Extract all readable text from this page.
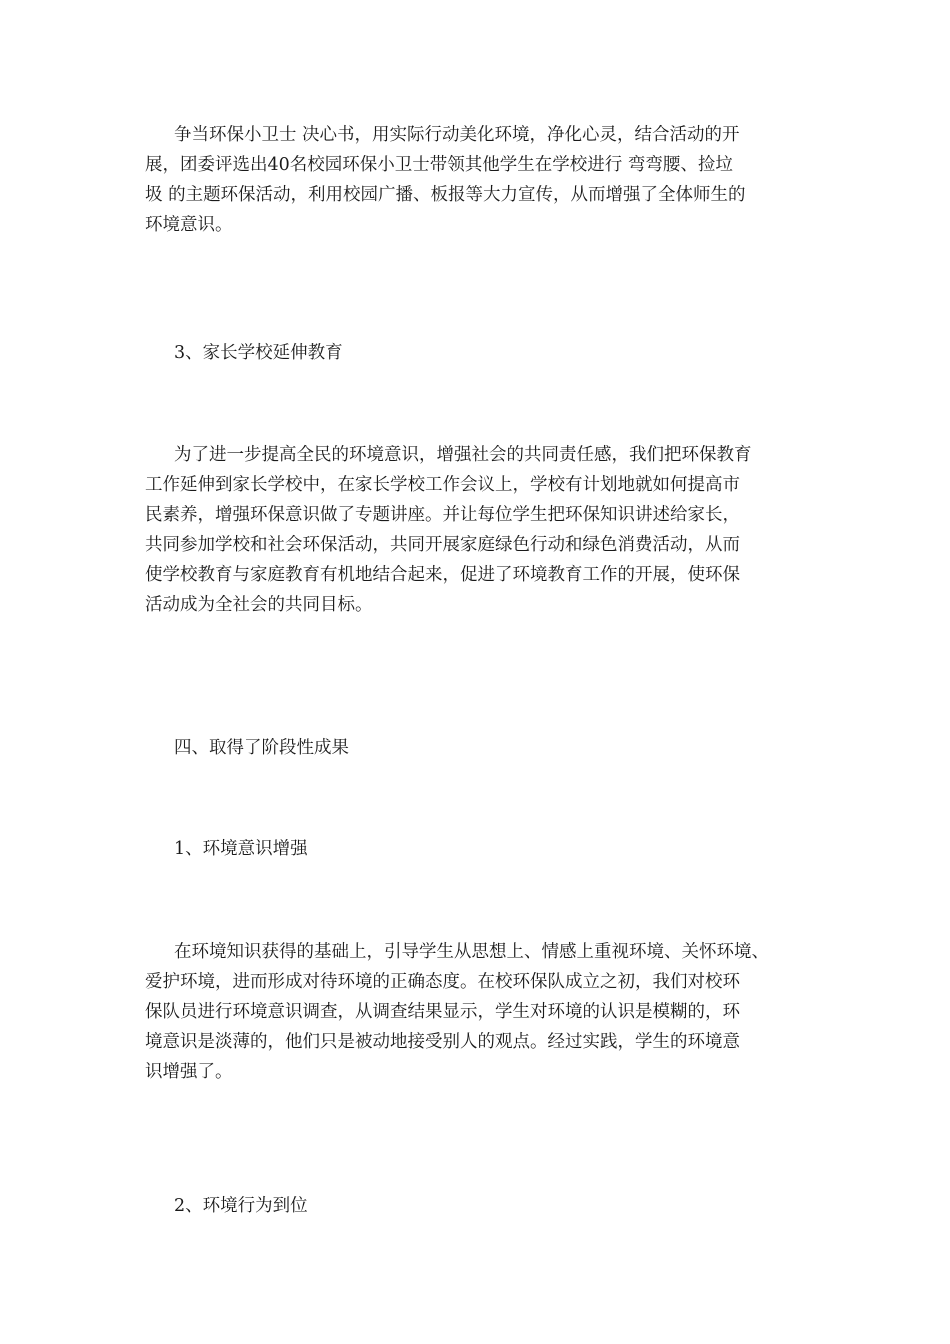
争当环保小卫士 决心书，用实际行动美化环境，净化心灵，结合活动的开
展，团委评选出40名校园环保小卫士带领其他学生在学校进行 弯弯腰、捡垃
圾 的主题环保活动，利用校园广播、板报等大力宣传，从而增强了全体师生的
环境意识。
3、家长学校延伸教育
为了进一步提高全民的环境意识，增强社会的共同责任感，我们把环保教育
工作延伸到家长学校中，在家长学校工作会议上，学校有计划地就如何提高市
民素养，增强环保意识做了专题讲座。并让每位学生把环保知识讲述给家长，
共同参加学校和社会环保活动，共同开展家庭绿色行动和绿色消费活动，从而
使学校教育与家庭教育有机地结合起来，促进了环境教育工作的开展，使环保
活动成为全社会的共同目标。
四、取得了阶段性成果
1、环境意识增强
在环境知识获得的基础上，引导学生从思想上、情感上重视环境、关怀环境、
爱护环境，进而形成对待环境的正确态度。在校环保队成立之初，我们对校环
保队员进行环境意识调查，从调查结果显示，学生对环境的认识是模糊的，环
境意识是淡薄的，他们只是被动地接受别人的观点。经过实践，学生的环境意
识增强了。
2、环境行为到位
